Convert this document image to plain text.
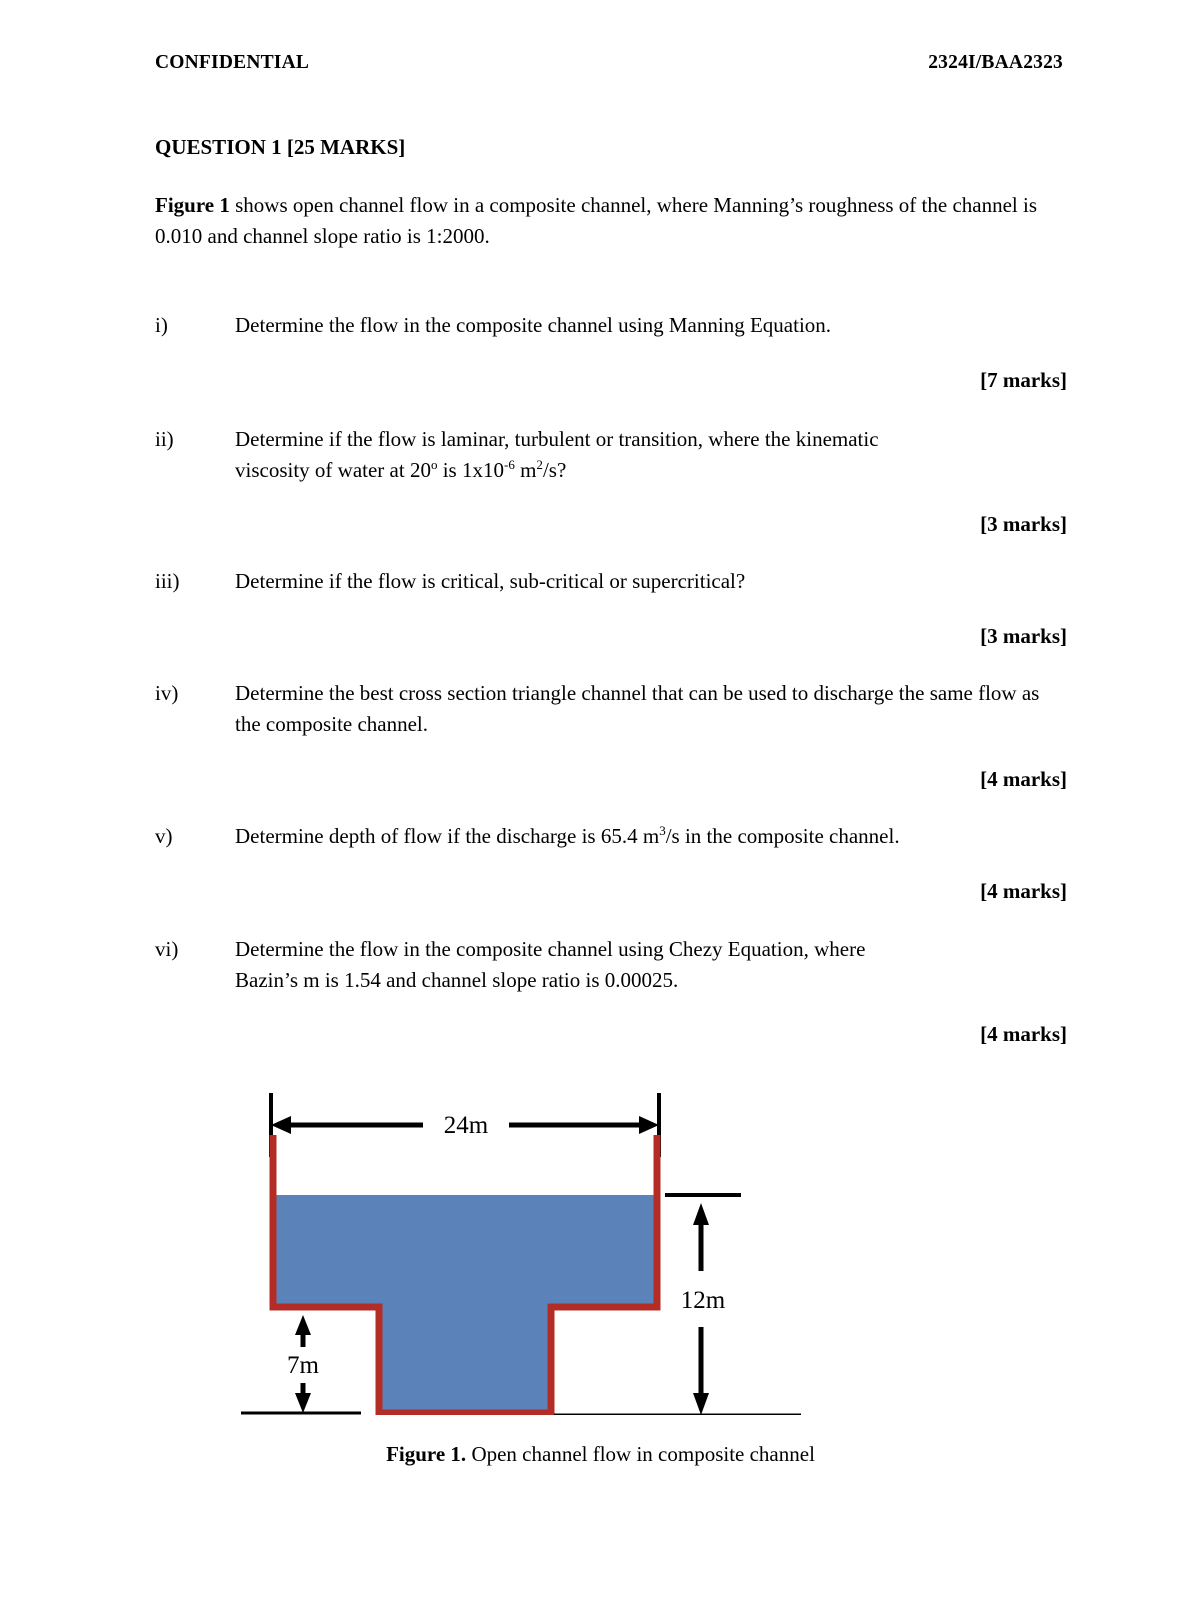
CONFIDENTIAL	2324I/BAA2323
QUESTION 1 [25 MARKS]
Figure 1 shows open channel flow in a composite channel, where Manning’s roughness of the channel is 0.010 and channel slope ratio is 1:2000.
i)	Determine the flow in the composite channel using Manning Equation.
[7 marks]
ii)	Determine if the flow is laminar, turbulent or transition, where the kinematic
viscosity of water at 20$^o$ is $1x10^{-6}$ $m^2/s$?
[3 marks]
iii)	Determine if the flow is critical, sub-critical or supercritical?
[3 marks]
iv)	Determine the best cross section triangle channel that can be used to discharge the same flow as the composite channel.
[4 marks]
v)	Determine depth of flow if the discharge is 65.4 $m^3/s$ in the composite channel.
[4 marks]
vi)	Determine the flow in the composite channel using Chezy Equation, where
Bazin’s m is 1.54 and channel slope ratio is 0.00025.
[4 marks]
24m
7m
12m
Figure 1. Open channel flow in composite channel
